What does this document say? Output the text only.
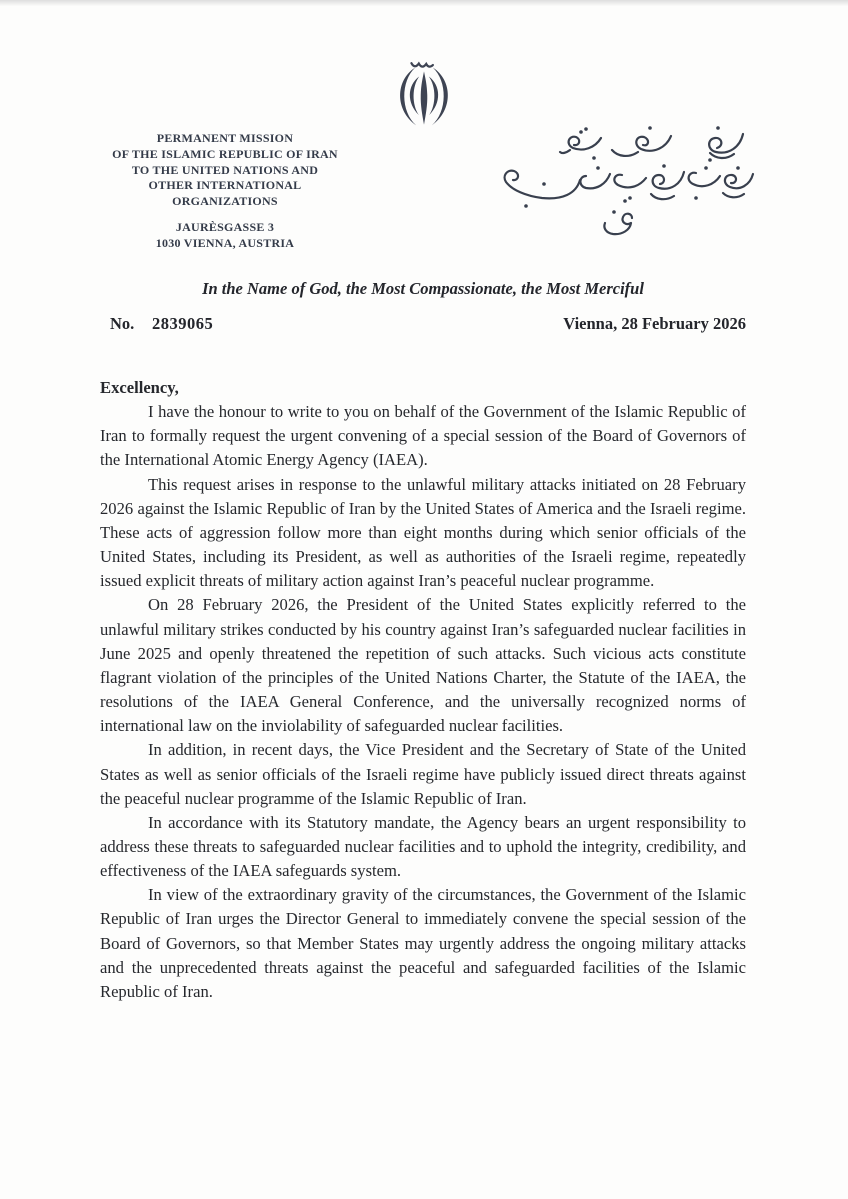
PERMANENT MISSION
OF THE ISLAMIC REPUBLIC OF IRAN
TO THE UNITED NATIONS AND
OTHER INTERNATIONAL ORGANIZATIONS
JAURÈSGASSE 3
1030 VIENNA, AUSTRIA
In the Name of God, the Most Compassionate, the Most Merciful
No. 2839065	Vienna, 28 February 2026

Excellency,

I have the honour to write to you on behalf of the Government of the Islamic Republic of Iran to formally request the urgent convening of a special session of the Board of Governors of the International Atomic Energy Agency (IAEA).

This request arises in response to the unlawful military attacks initiated on 28 February 2026 against the Islamic Republic of Iran by the United States of America and the Israeli regime. These acts of aggression follow more than eight months during which senior officials of the United States, including its President, as well as authorities of the Israeli regime, repeatedly issued explicit threats of military action against Iran’s peaceful nuclear programme.

On 28 February 2026, the President of the United States explicitly referred to the unlawful military strikes conducted by his country against Iran’s safeguarded nuclear facilities in June 2025 and openly threatened the repetition of such attacks. Such vicious acts constitute flagrant violation of the principles of the United Nations Charter, the Statute of the IAEA, the resolutions of the IAEA General Conference, and the universally recognized norms of international law on the inviolability of safeguarded nuclear facilities.

In addition, in recent days, the Vice President and the Secretary of State of the United States as well as senior officials of the Israeli regime have publicly issued direct threats against the peaceful nuclear programme of the Islamic Republic of Iran.

In accordance with its Statutory mandate, the Agency bears an urgent responsibility to address these threats to safeguarded nuclear facilities and to uphold the integrity, credibility, and effectiveness of the IAEA safeguards system.

In view of the extraordinary gravity of the circumstances, the Government of the Islamic Republic of Iran urges the Director General to immediately convene the special session of the Board of Governors, so that Member States may urgently address the ongoing military attacks and the unprecedented threats against the peaceful and safeguarded facilities of the Islamic Republic of Iran.
